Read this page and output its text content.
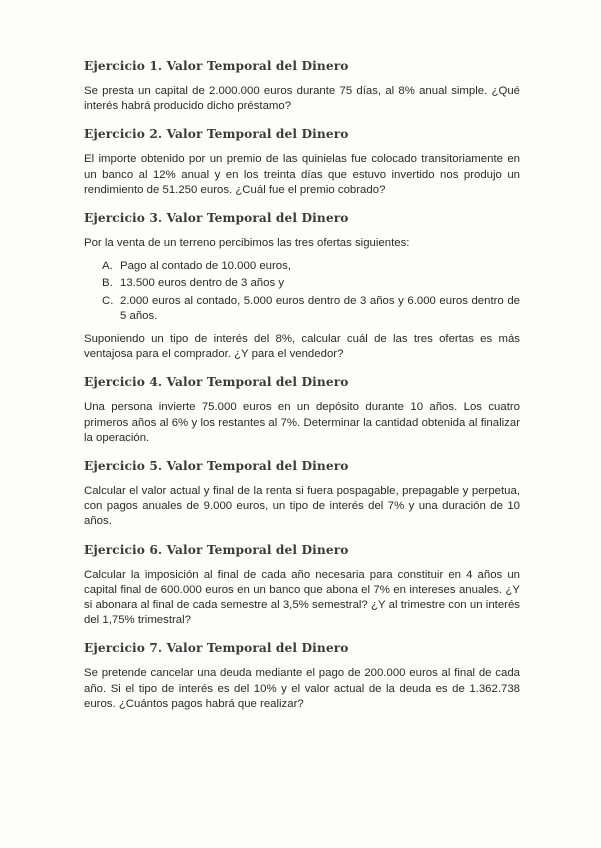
Ejercicio 1. Valor Temporal del Dinero

Se presta un capital de 2.000.000 euros durante 75 días, al 8% anual simple. ¿Qué interés habrá producido dicho préstamo?

Ejercicio 2. Valor Temporal del Dinero

El importe obtenido por un premio de las quinielas fue colocado transitoriamente en un banco al 12% anual y en los treinta días que estuvo invertido nos produjo un rendimiento de 51.250 euros. ¿Cuál fue el premio cobrado?

Ejercicio 3. Valor Temporal del Dinero

Por la venta de un terreno percibimos las tres ofertas siguientes:

A. Pago al contado de 10.000 euros,
B. 13.500 euros dentro de 3 años y
C. 2.000 euros al contado, 5.000 euros dentro de 3 años y 6.000 euros dentro de 5 años.

Suponiendo un tipo de interés del 8%, calcular cuál de las tres ofertas es más ventajosa para el comprador. ¿Y para el vendedor?

Ejercicio 4. Valor Temporal del Dinero

Una persona invierte 75.000 euros en un depósito durante 10 años. Los cuatro primeros años al 6% y los restantes al 7%. Determinar la cantidad obtenida al finalizar la operación.

Ejercicio 5. Valor Temporal del Dinero

Calcular el valor actual y final de la renta si fuera pospagable, prepagable y perpetua, con pagos anuales de 9.000 euros, un tipo de interés del 7% y una duración de 10 años.

Ejercicio 6. Valor Temporal del Dinero

Calcular la imposición al final de cada año necesaria para constituir en 4 años un capital final de 600.000 euros en un banco que abona el 7% en intereses anuales. ¿Y si abonara al final de cada semestre al 3,5% semestral? ¿Y al trimestre con un interés del 1,75% trimestral?

Ejercicio 7. Valor Temporal del Dinero

Se pretende cancelar una deuda mediante el pago de 200.000 euros al final de cada año. Si el tipo de interés es del 10% y el valor actual de la deuda es de 1.362.738 euros. ¿Cuántos pagos habrá que realizar?
